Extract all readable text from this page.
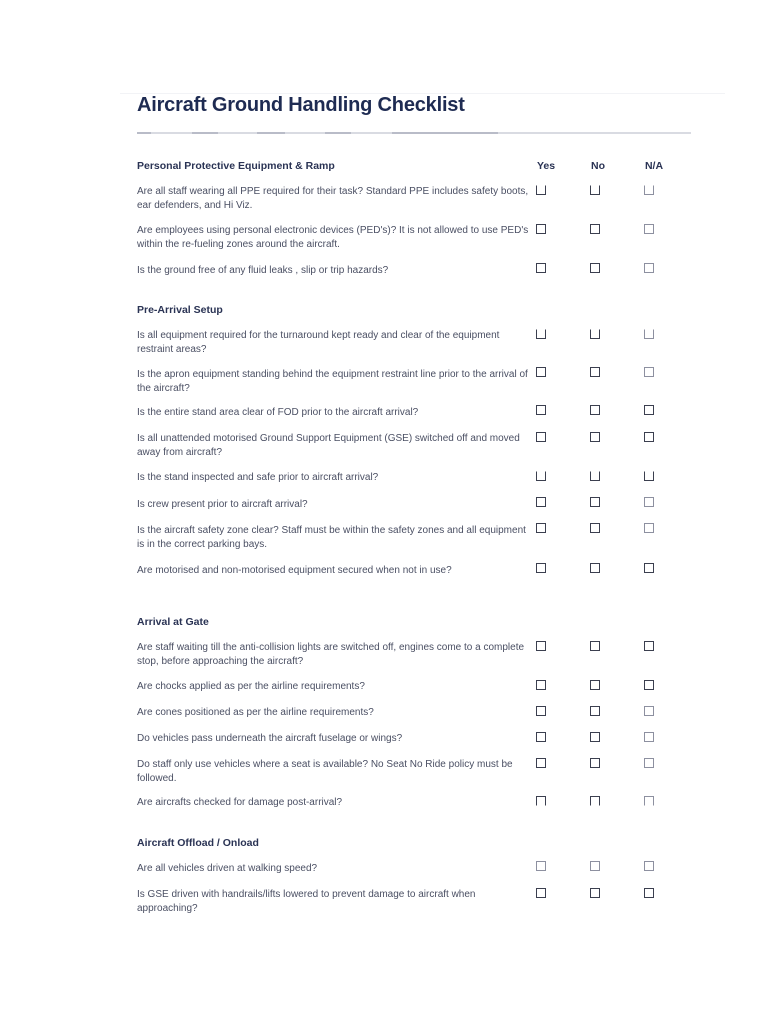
Aircraft Ground Handling Checklist
Yes	No	N/A
Personal Protective Equipment & Ramp
Are all staff wearing all PPE required for their task? Standard PPE includes safety boots, ear defenders, and Hi Viz.
Are employees using personal electronic devices (PED's)? It is not allowed to use PED's within the re-fueling zones around the aircraft.
Is the ground free of any fluid leaks , slip or trip hazards?
Pre-Arrival Setup
Is all equipment required for the turnaround kept ready and clear of the equipment restraint areas?
Is the apron equipment standing behind the equipment restraint line prior to the arrival of the aircraft?
Is the entire stand area clear of FOD prior to the aircraft arrival?
Is all unattended motorised Ground Support Equipment (GSE) switched off and moved away from aircraft?
Is the stand inspected and safe prior to aircraft arrival?
Is crew present prior to aircraft arrival?
Is the aircraft safety zone clear? Staff must be within the safety zones and all equipment is in the correct parking bays.
Are motorised and non-motorised equipment secured when not in use?
Arrival at Gate
Are staff waiting till the anti-collision lights are switched off, engines come to a complete stop, before approaching the aircraft?
Are chocks applied as per the airline requirements?
Are cones positioned as per the airline requirements?
Do vehicles pass underneath the aircraft fuselage or wings?
Do staff only use vehicles where a seat is available? No Seat No Ride policy must be followed.
Are aircrafts checked for damage post-arrival?
Aircraft Offload / Onload
Are all vehicles driven at walking speed?
Is GSE driven with handrails/lifts lowered to prevent damage to aircraft when approaching?
